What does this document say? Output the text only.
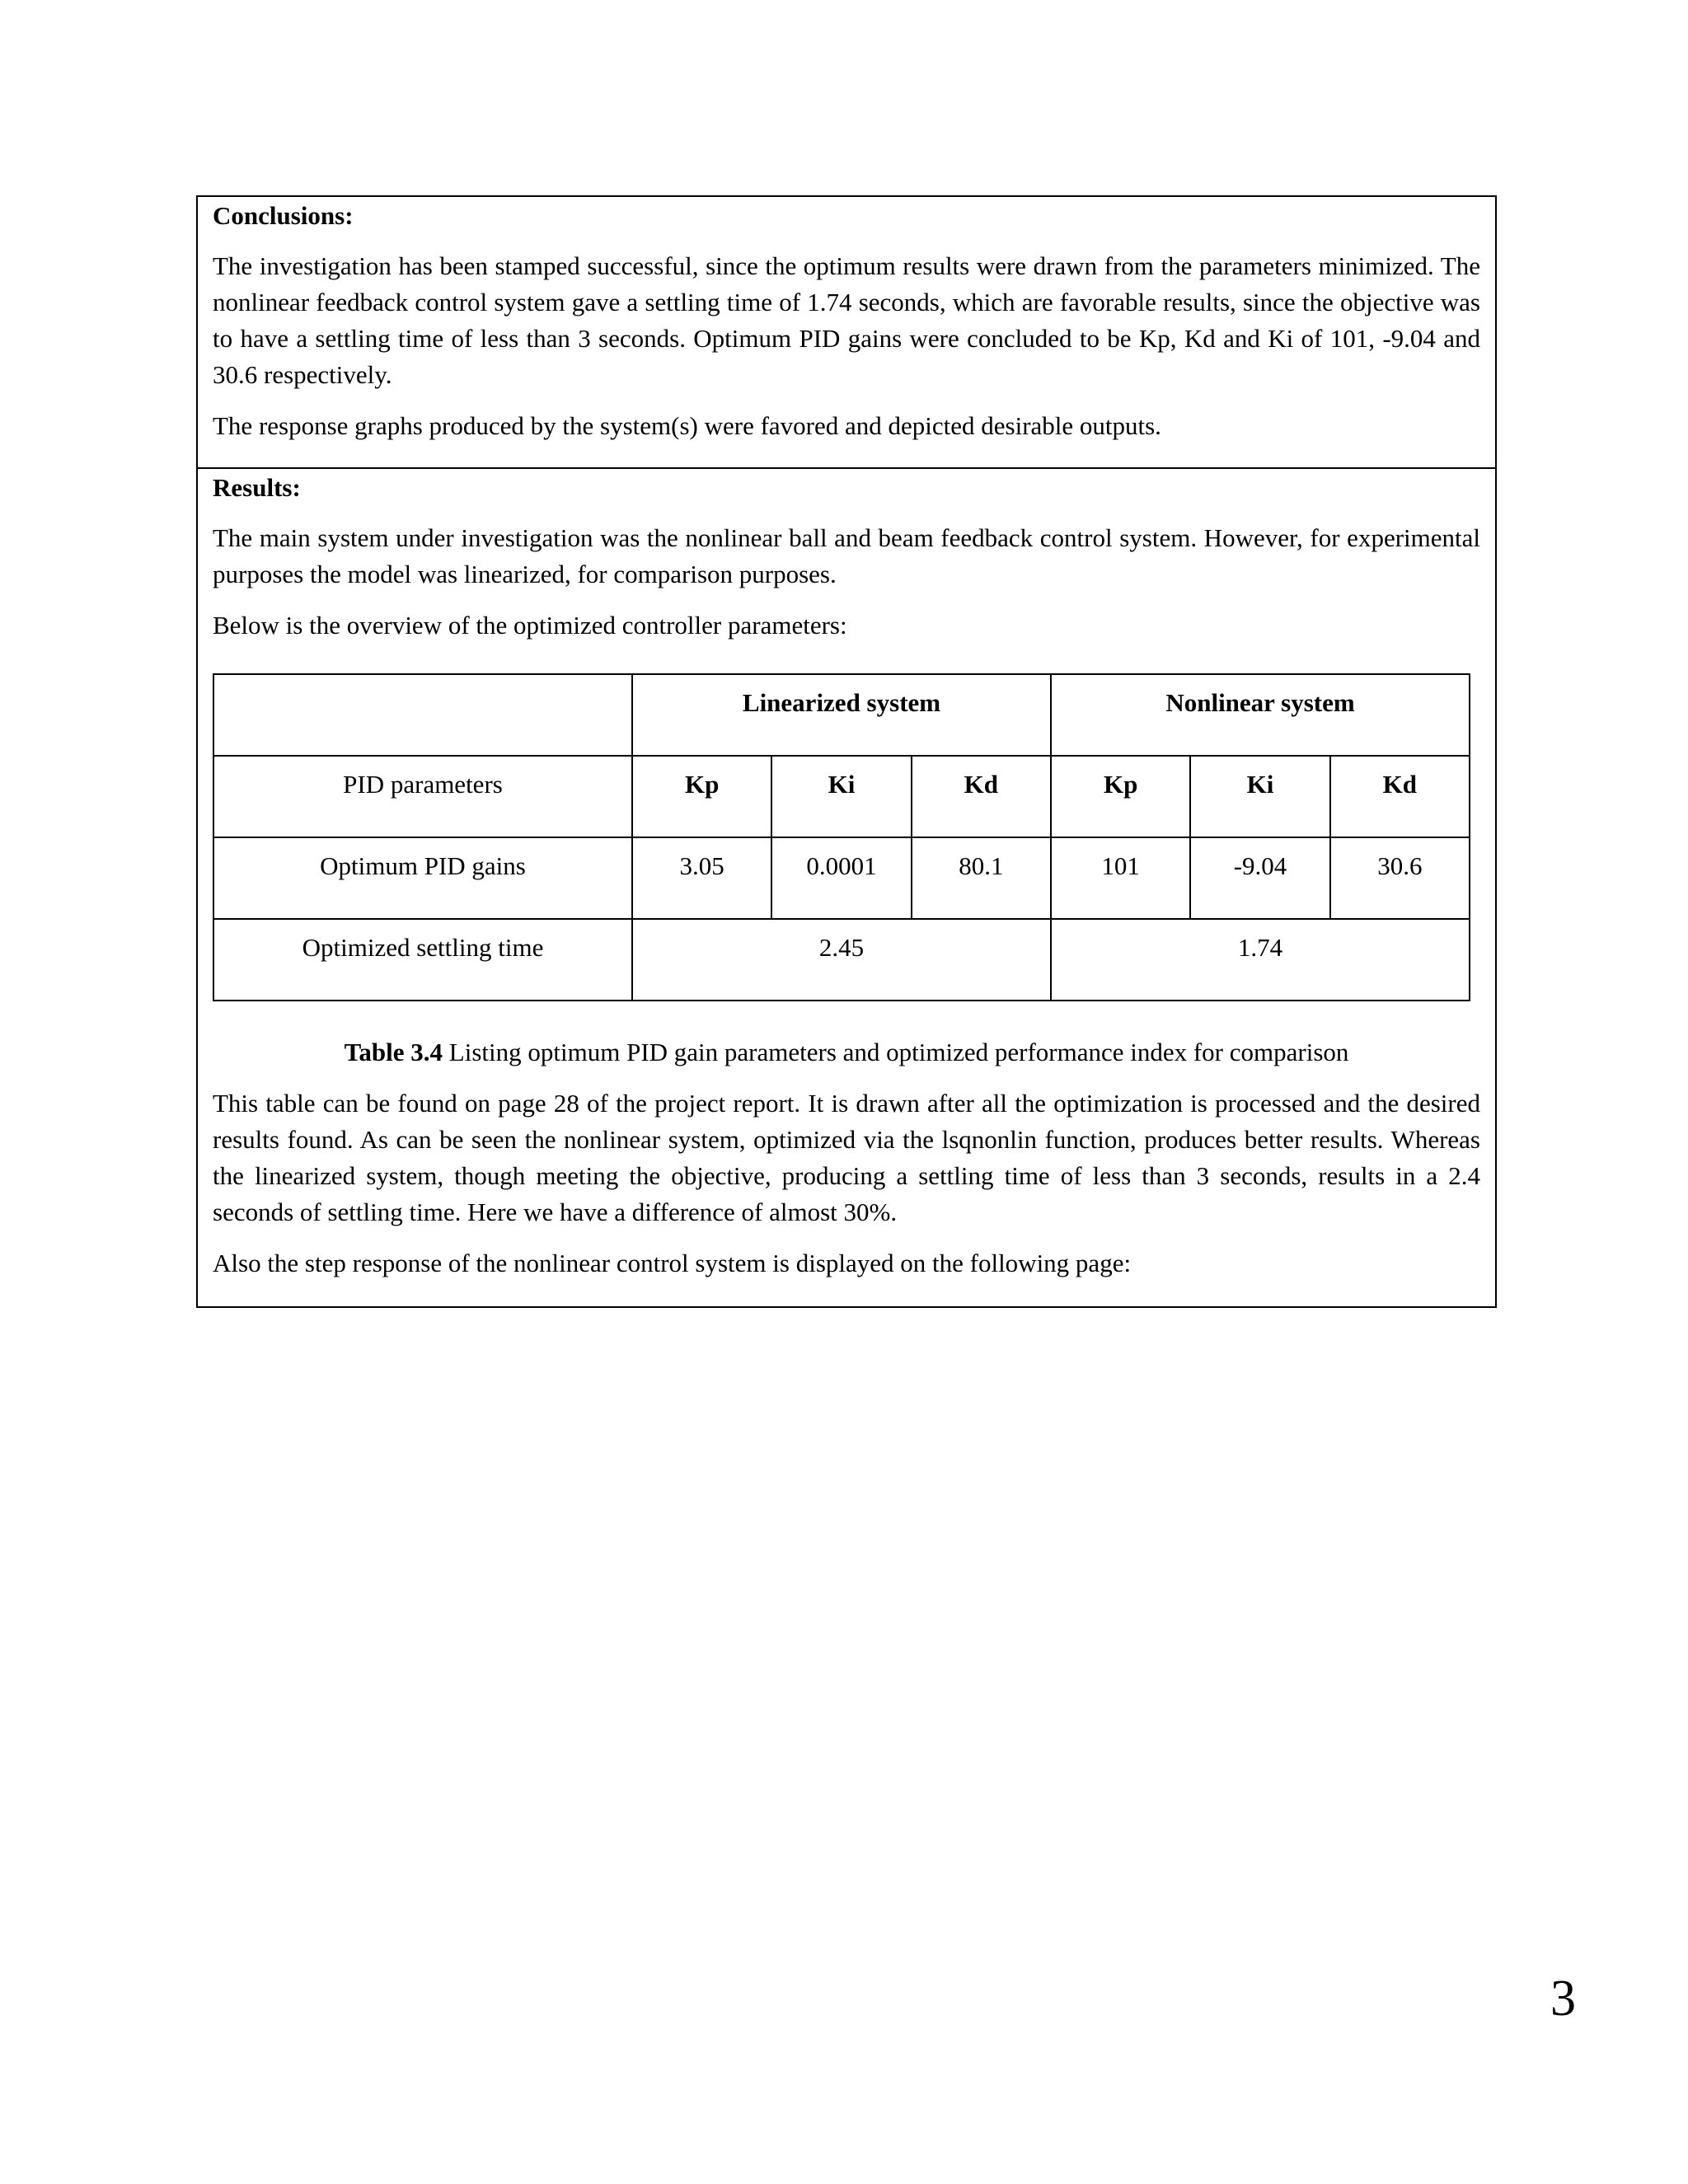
Conclusions:

The investigation has been stamped successful, since the optimum results were drawn from the parameters minimized. The nonlinear feedback control system gave a settling time of 1.74 seconds, which are favorable results, since the objective was to have a settling time of less than 3 seconds. Optimum PID gains were concluded to be Kp, Kd and Ki of 101, -9.04 and 30.6 respectively.

The response graphs produced by the system(s) were favored and depicted desirable outputs.

Results:

The main system under investigation was the nonlinear ball and beam feedback control system. However, for experimental purposes the model was linearized, for comparison purposes.

Below is the overview of the optimized controller parameters:

	Linearized system			Nonlinear system		
PID parameters	Kp	Ki	Kd	Kp	Ki	Kd
Optimum PID gains	3.05	0.0001	80.1	101	-9.04	30.6
Optimized settling time	2.45			1.74		

Table 3.4 Listing optimum PID gain parameters and optimized performance index for comparison

This table can be found on page 28 of the project report. It is drawn after all the optimization is processed and the desired results found. As can be seen the nonlinear system, optimized via the lsqnonlin function, produces better results. Whereas the linearized system, though meeting the objective, producing a settling time of less than 3 seconds, results in a 2.4 seconds of settling time. Here we have a difference of almost 30%.

Also the step response of the nonlinear control system is displayed on the following page:

3
